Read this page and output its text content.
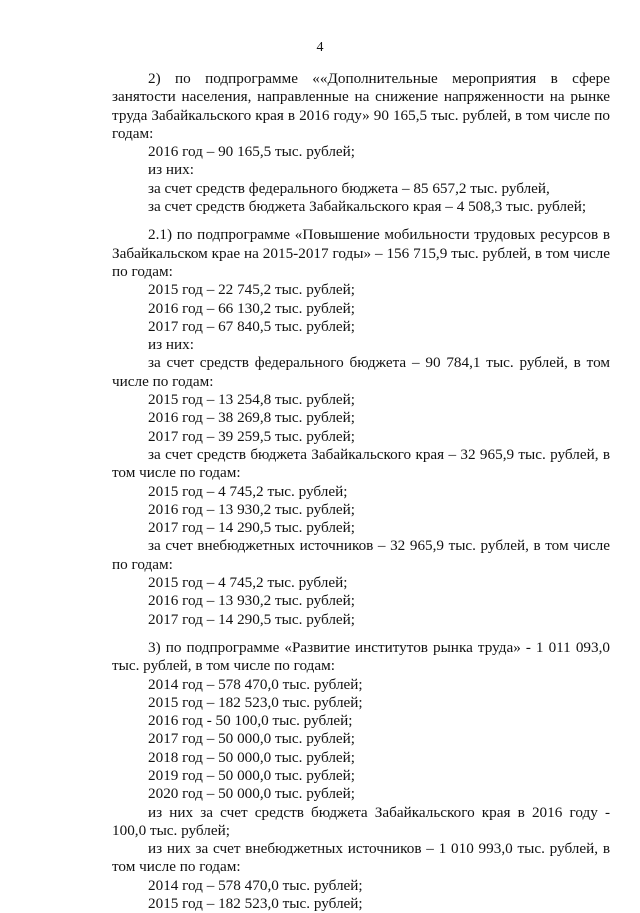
4

2) по подпрограмме ««Дополнительные мероприятия в сфере занятости населения, направленные на снижение напряженности на рынке труда Забайкальского края в 2016 году» 90 165,5 тыс. рублей, в том числе по годам:

2016 год – 90 165,5 тыс. рублей;

из них:

за счет средств федерального бюджета – 85 657,2 тыс. рублей,

за счет средств бюджета Забайкальского края – 4 508,3 тыс. рублей;

2.1) по подпрограмме «Повышение мобильности трудовых ресурсов в Забайкальском крае на 2015-2017 годы» – 156 715,9 тыс. рублей, в том числе по годам:

2015 год – 22 745,2 тыс. рублей;

2016 год – 66 130,2 тыс. рублей;

2017 год – 67 840,5 тыс. рублей;

из них:

за счет средств федерального бюджета – 90 784,1 тыс. рублей, в том числе по годам:

2015 год – 13 254,8 тыс. рублей;

2016 год – 38 269,8 тыс. рублей;

2017 год – 39 259,5 тыс. рублей;

за счет средств бюджета Забайкальского края – 32 965,9 тыс. рублей, в том числе по годам:

2015 год – 4 745,2 тыс. рублей;

2016 год – 13 930,2 тыс. рублей;

2017 год – 14 290,5 тыс. рублей;

за счет внебюджетных источников – 32 965,9 тыс. рублей, в том числе по годам:

2015 год – 4 745,2 тыс. рублей;

2016 год – 13 930,2 тыс. рублей;

2017 год – 14 290,5 тыс. рублей;

3) по подпрограмме «Развитие институтов рынка труда» - 1 011 093,0 тыс. рублей, в том числе по годам:

2014 год – 578 470,0 тыс. рублей;

2015 год – 182 523,0 тыс. рублей;

2016 год - 50 100,0 тыс. рублей;

2017 год – 50 000,0 тыс. рублей;

2018 год – 50 000,0 тыс. рублей;

2019 год – 50 000,0 тыс. рублей;

2020 год – 50 000,0 тыс. рублей;

из них за счет средств бюджета Забайкальского края в 2016 году - 100,0 тыс. рублей;

из них за счет внебюджетных источников – 1 010 993,0 тыс. рублей, в том числе по годам:

2014 год – 578 470,0 тыс. рублей;

2015 год – 182 523,0 тыс. рублей;
